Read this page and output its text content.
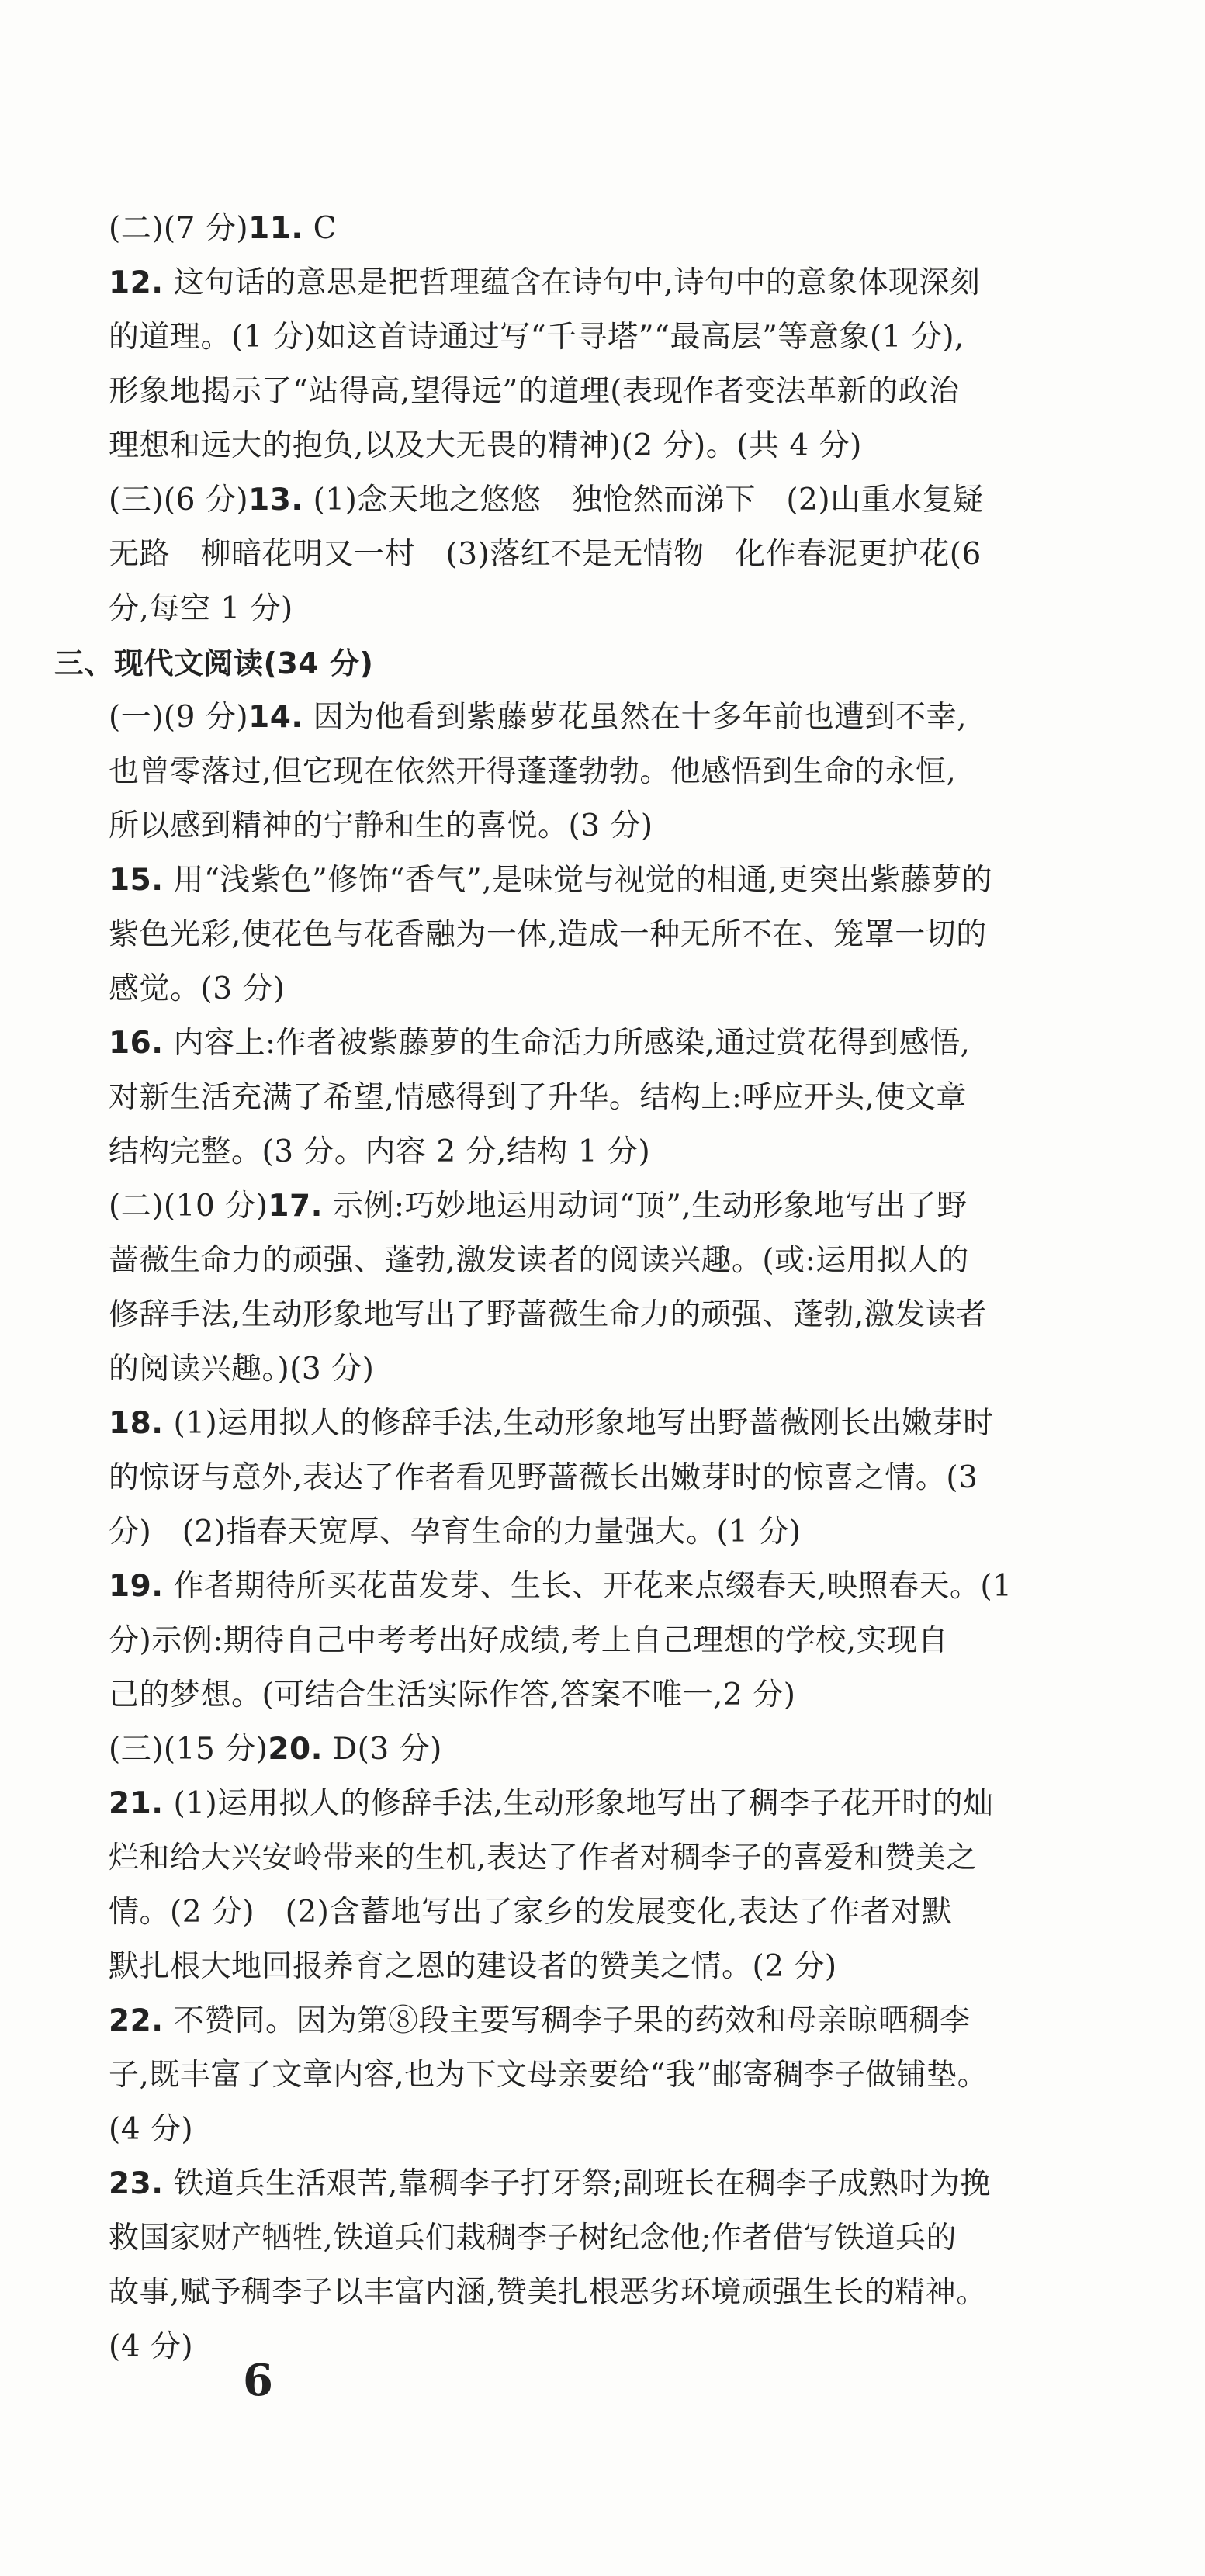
(二)(7 分)11. C
12. 这句话的意思是把哲理蕴含在诗句中,诗句中的意象体现深刻
的道理。(1 分)如这首诗通过写“千寻塔”“最高层”等意象(1 分),
形象地揭示了“站得高,望得远”的道理(表现作者变法革新的政治
理想和远大的抱负,以及大无畏的精神)(2 分)。(共 4 分)
(三)(6 分)13. (1)念天地之悠悠　独怆然而涕下　(2)山重水复疑
无路　柳暗花明又一村　(3)落红不是无情物　化作春泥更护花(6
分,每空 1 分)
三、现代文阅读(34 分)
(一)(9 分)14. 因为他看到紫藤萝花虽然在十多年前也遭到不幸,
也曾零落过,但它现在依然开得蓬蓬勃勃。他感悟到生命的永恒,
所以感到精神的宁静和生的喜悦。(3 分)
15. 用“浅紫色”修饰“香气”,是味觉与视觉的相通,更突出紫藤萝的
紫色光彩,使花色与花香融为一体,造成一种无所不在、笼罩一切的
感觉。(3 分)
16. 内容上:作者被紫藤萝的生命活力所感染,通过赏花得到感悟,
对新生活充满了希望,情感得到了升华。结构上:呼应开头,使文章
结构完整。(3 分。内容 2 分,结构 1 分)
(二)(10 分)17. 示例:巧妙地运用动词“顶”,生动形象地写出了野
蔷薇生命力的顽强、蓬勃,激发读者的阅读兴趣。(或:运用拟人的
修辞手法,生动形象地写出了野蔷薇生命力的顽强、蓬勃,激发读者
的阅读兴趣。)(3 分)
18. (1)运用拟人的修辞手法,生动形象地写出野蔷薇刚长出嫩芽时
的惊讶与意外,表达了作者看见野蔷薇长出嫩芽时的惊喜之情。(3
分)　(2)指春天宽厚、孕育生命的力量强大。(1 分)
19. 作者期待所买花苗发芽、生长、开花来点缀春天,映照春天。(1
分)示例:期待自己中考考出好成绩,考上自己理想的学校,实现自
己的梦想。(可结合生活实际作答,答案不唯一,2 分)
(三)(15 分)20. D(3 分)
21. (1)运用拟人的修辞手法,生动形象地写出了稠李子花开时的灿
烂和给大兴安岭带来的生机,表达了作者对稠李子的喜爱和赞美之
情。(2 分)　(2)含蓄地写出了家乡的发展变化,表达了作者对默
默扎根大地回报养育之恩的建设者的赞美之情。(2 分)
22. 不赞同。因为第⑧段主要写稠李子果的药效和母亲晾晒稠李
子,既丰富了文章内容,也为下文母亲要给“我”邮寄稠李子做铺垫。
(4 分)
23. 铁道兵生活艰苦,靠稠李子打牙祭;副班长在稠李子成熟时为挽
救国家财产牺牲,铁道兵们栽稠李子树纪念他;作者借写铁道兵的
故事,赋予稠李子以丰富内涵,赞美扎根恶劣环境顽强生长的精神。
(4 分)
6
